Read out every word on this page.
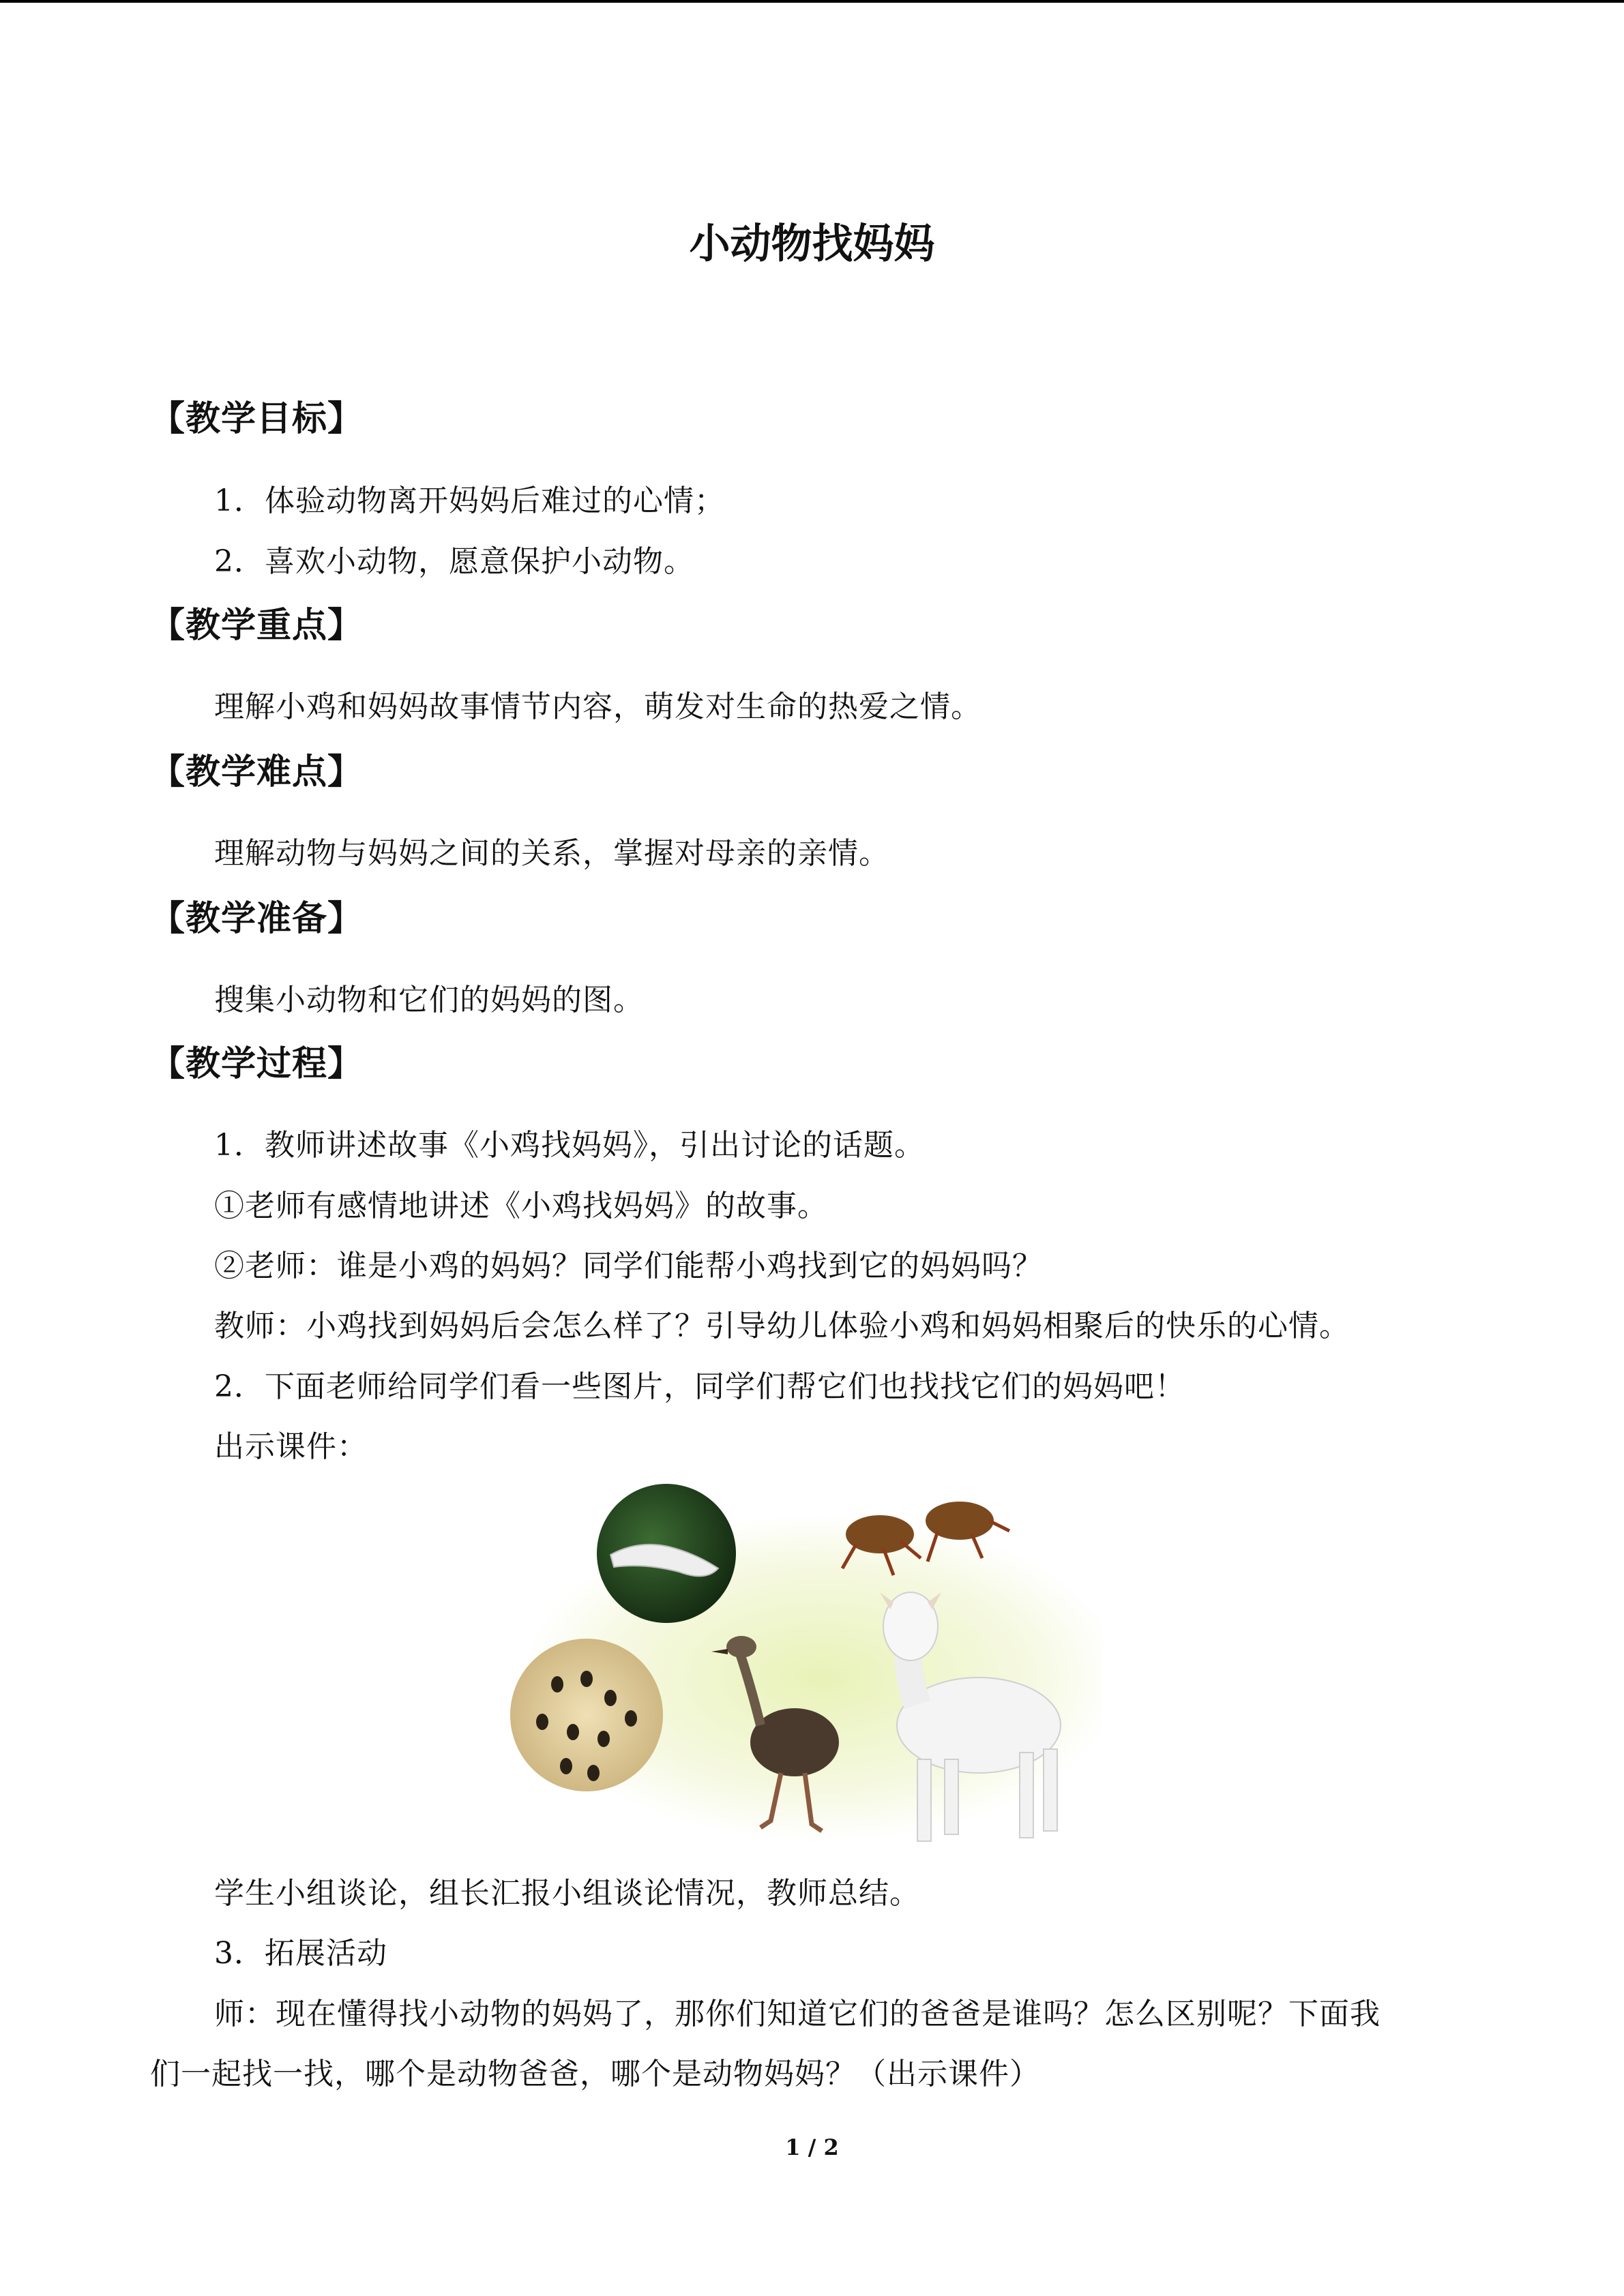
小动物找妈妈
【教学目标】
1．体验动物离开妈妈后难过的心情；
2．喜欢小动物，愿意保护小动物。
【教学重点】
理解小鸡和妈妈故事情节内容，萌发对生命的热爱之情。
【教学难点】
理解动物与妈妈之间的关系，掌握对母亲的亲情。
【教学准备】
搜集小动物和它们的妈妈的图。
【教学过程】
1．教师讲述故事《小鸡找妈妈》，引出讨论的话题。
①老师有感情地讲述《小鸡找妈妈》的故事。
②老师：谁是小鸡的妈妈？同学们能帮小鸡找到它的妈妈吗？
教师：小鸡找到妈妈后会怎么样了？引导幼儿体验小鸡和妈妈相聚后的快乐的心情。
2．下面老师给同学们看一些图片，同学们帮它们也找找它们的妈妈吧！
出示课件：
学生小组谈论，组长汇报小组谈论情况，教师总结。
3．拓展活动
师：现在懂得找小动物的妈妈了，那你们知道它们的爸爸是谁吗？怎么区别呢？下面我
们一起找一找，哪个是动物爸爸，哪个是动物妈妈？（出示课件）
1 / 2
